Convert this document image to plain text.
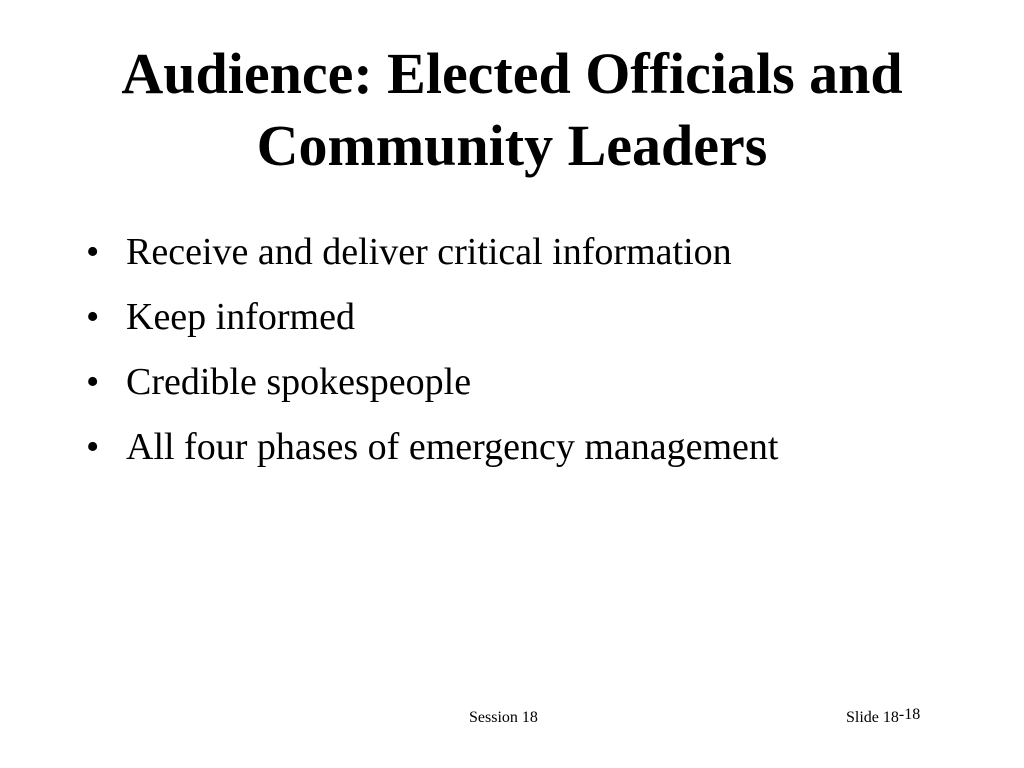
Audience: Elected Officials and Community Leaders
• Receive and deliver critical information
• Keep informed
• Credible spokespeople
• All four phases of emergency management
Session 18	Slide 18-18
